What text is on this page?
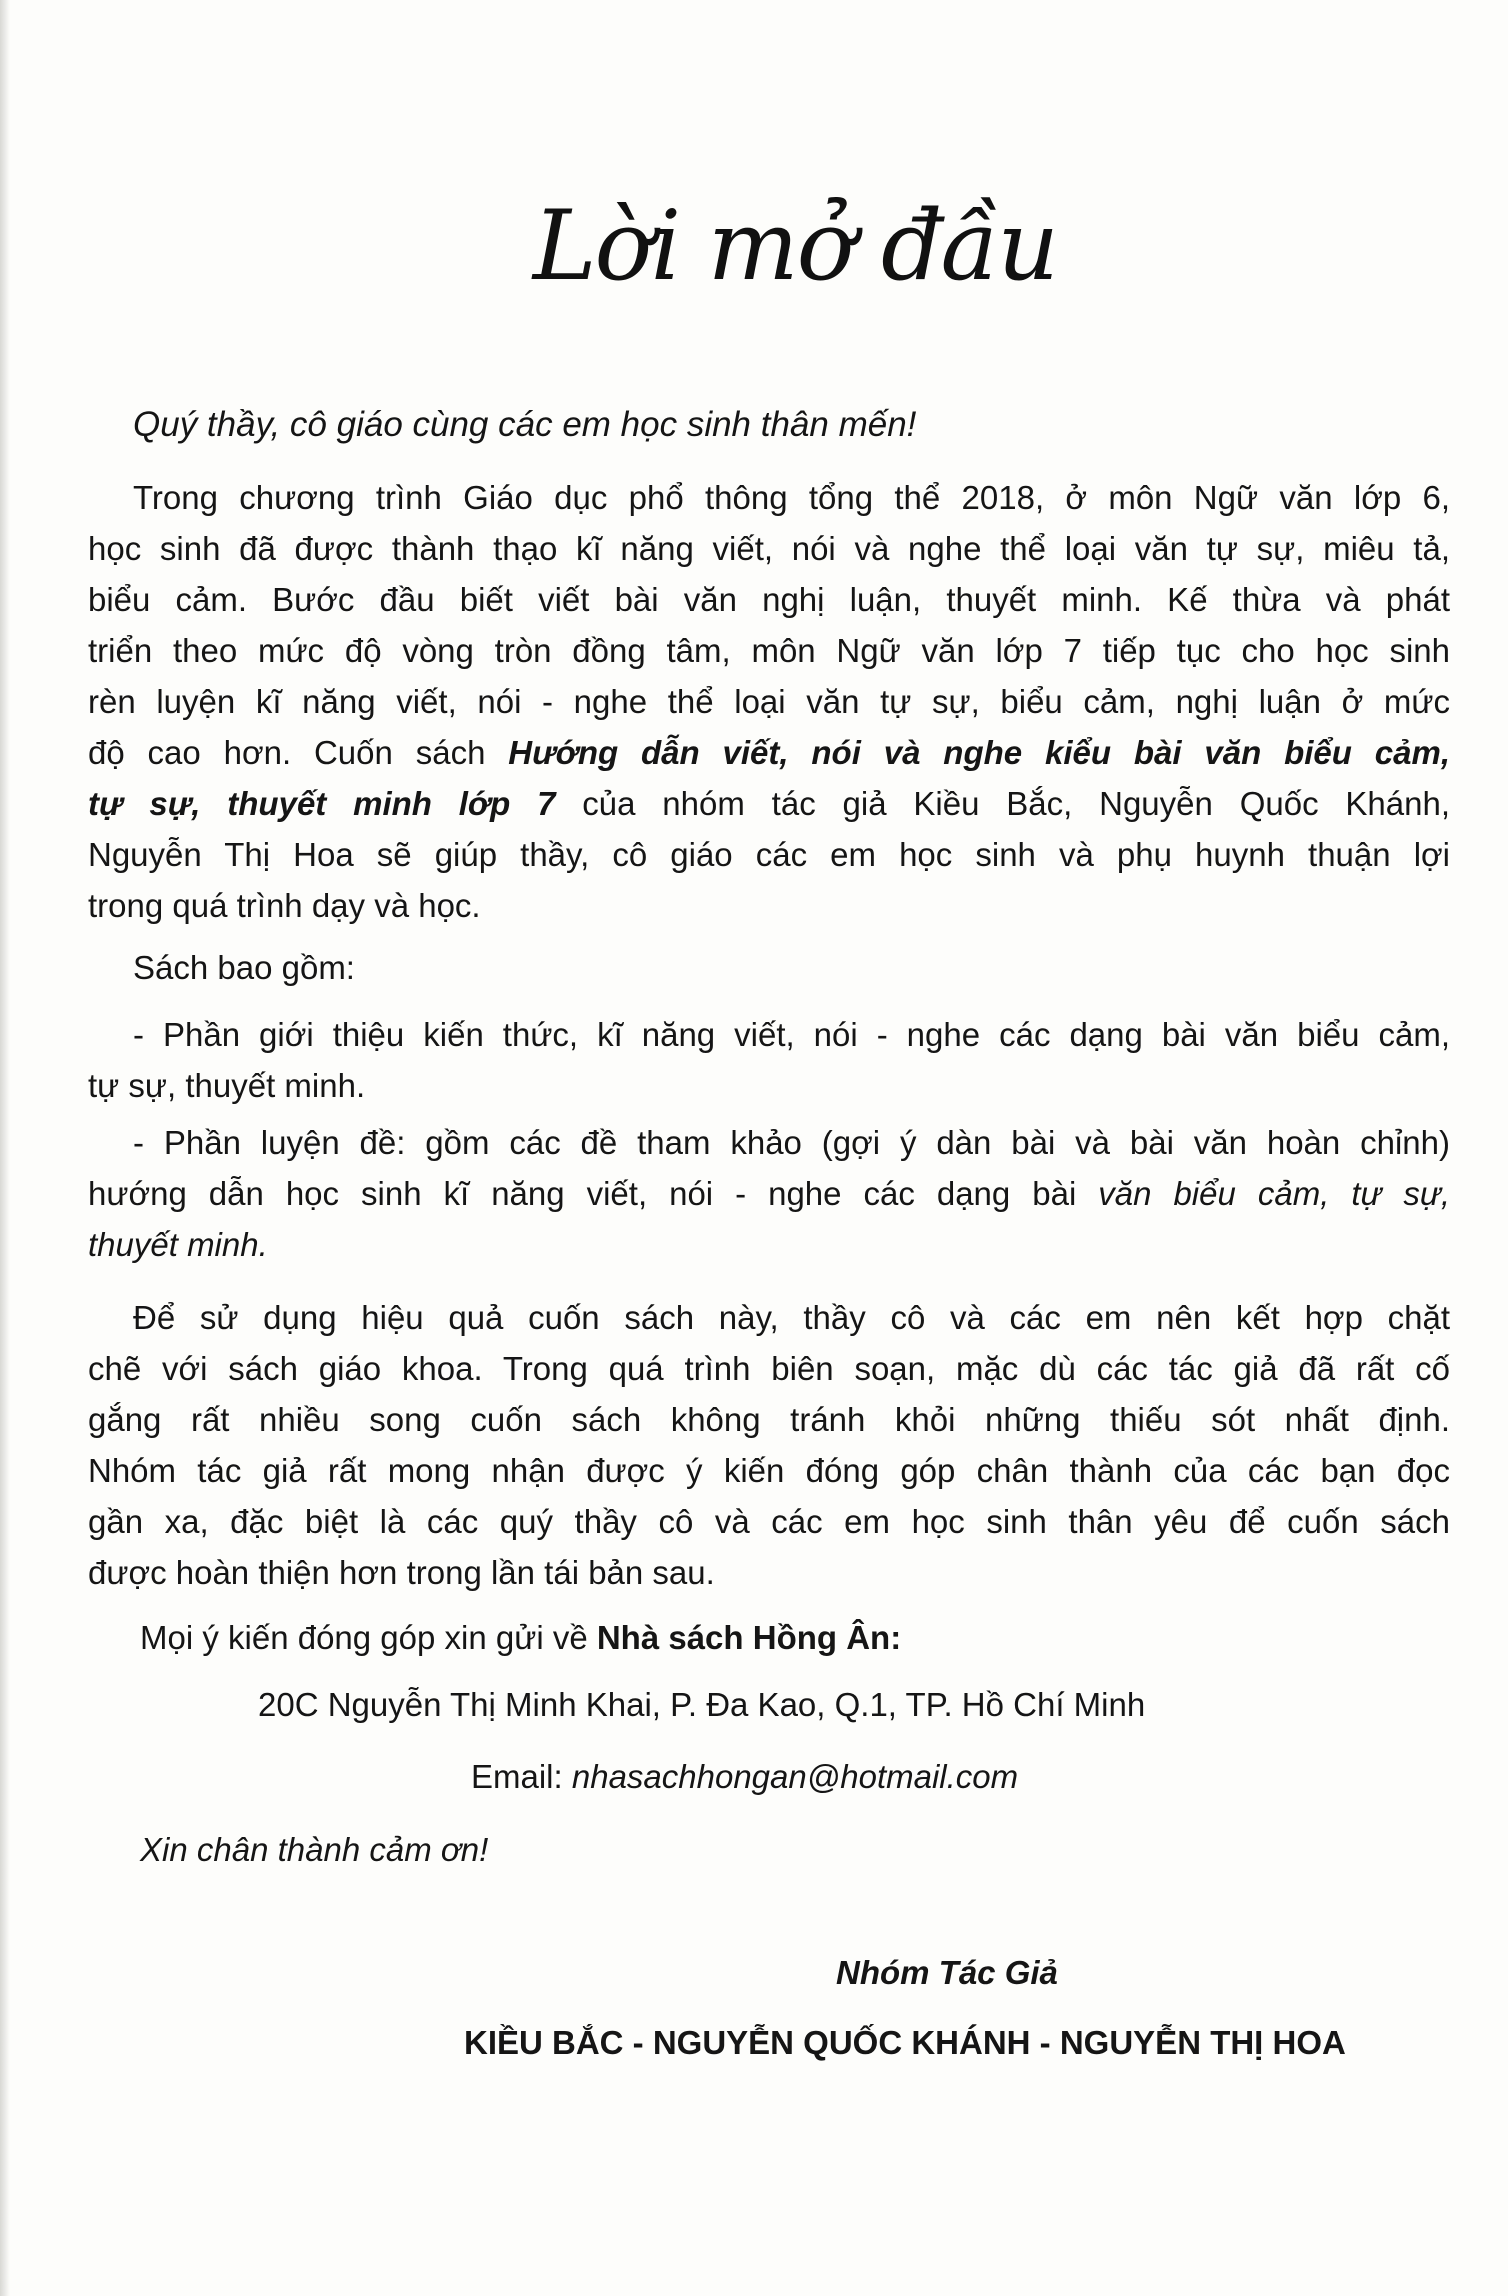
Lời mở đầu
Quý thầy, cô giáo cùng các em học sinh thân mến!
Trong chương trình Giáo dục phổ thông tổng thể 2018, ở môn Ngữ văn lớp 6,
học sinh đã được thành thạo kĩ năng viết, nói và nghe thể loại văn tự sự, miêu tả,
biểu cảm. Bước đầu biết viết bài văn nghị luận, thuyết minh. Kế thừa và phát
triển theo mức độ vòng tròn đồng tâm, môn Ngữ văn lớp 7 tiếp tục cho học sinh
rèn luyện kĩ năng viết, nói - nghe thể loại văn tự sự, biểu cảm, nghị luận ở mức
độ cao hơn. Cuốn sách Hướng dẫn viết, nói và nghe kiểu bài văn biểu cảm,
tự sự, thuyết minh lớp 7 của nhóm tác giả Kiều Bắc, Nguyễn Quốc Khánh,
Nguyễn Thị Hoa sẽ giúp thầy, cô giáo các em học sinh và phụ huynh thuận lợi
trong quá trình dạy và học.
Sách bao gồm:
- Phần giới thiệu kiến thức, kĩ năng viết, nói - nghe các dạng bài văn biểu cảm,
tự sự, thuyết minh.
- Phần luyện đề: gồm các đề tham khảo (gợi ý dàn bài và bài văn hoàn chỉnh)
hướng dẫn học sinh kĩ năng viết, nói - nghe các dạng bài văn biểu cảm, tự sự,
thuyết minh.
Để sử dụng hiệu quả cuốn sách này, thầy cô và các em nên kết hợp chặt
chẽ với sách giáo khoa. Trong quá trình biên soạn, mặc dù các tác giả đã rất cố
gắng rất nhiều song cuốn sách không tránh khỏi những thiếu sót nhất định.
Nhóm tác giả rất mong nhận được ý kiến đóng góp chân thành của các bạn đọc
gần xa, đặc biệt là các quý thầy cô và các em học sinh thân yêu để cuốn sách
được hoàn thiện hơn trong lần tái bản sau.
Mọi ý kiến đóng góp xin gửi về Nhà sách Hồng Ân:
20C Nguyễn Thị Minh Khai, P. Đa Kao, Q.1, TP. Hồ Chí Minh
Email: nhasachhongan@hotmail.com
Xin chân thành cảm ơn!
Nhóm Tác Giả
KIỀU BẮC - NGUYỄN QUỐC KHÁNH - NGUYỄN THỊ HOA
